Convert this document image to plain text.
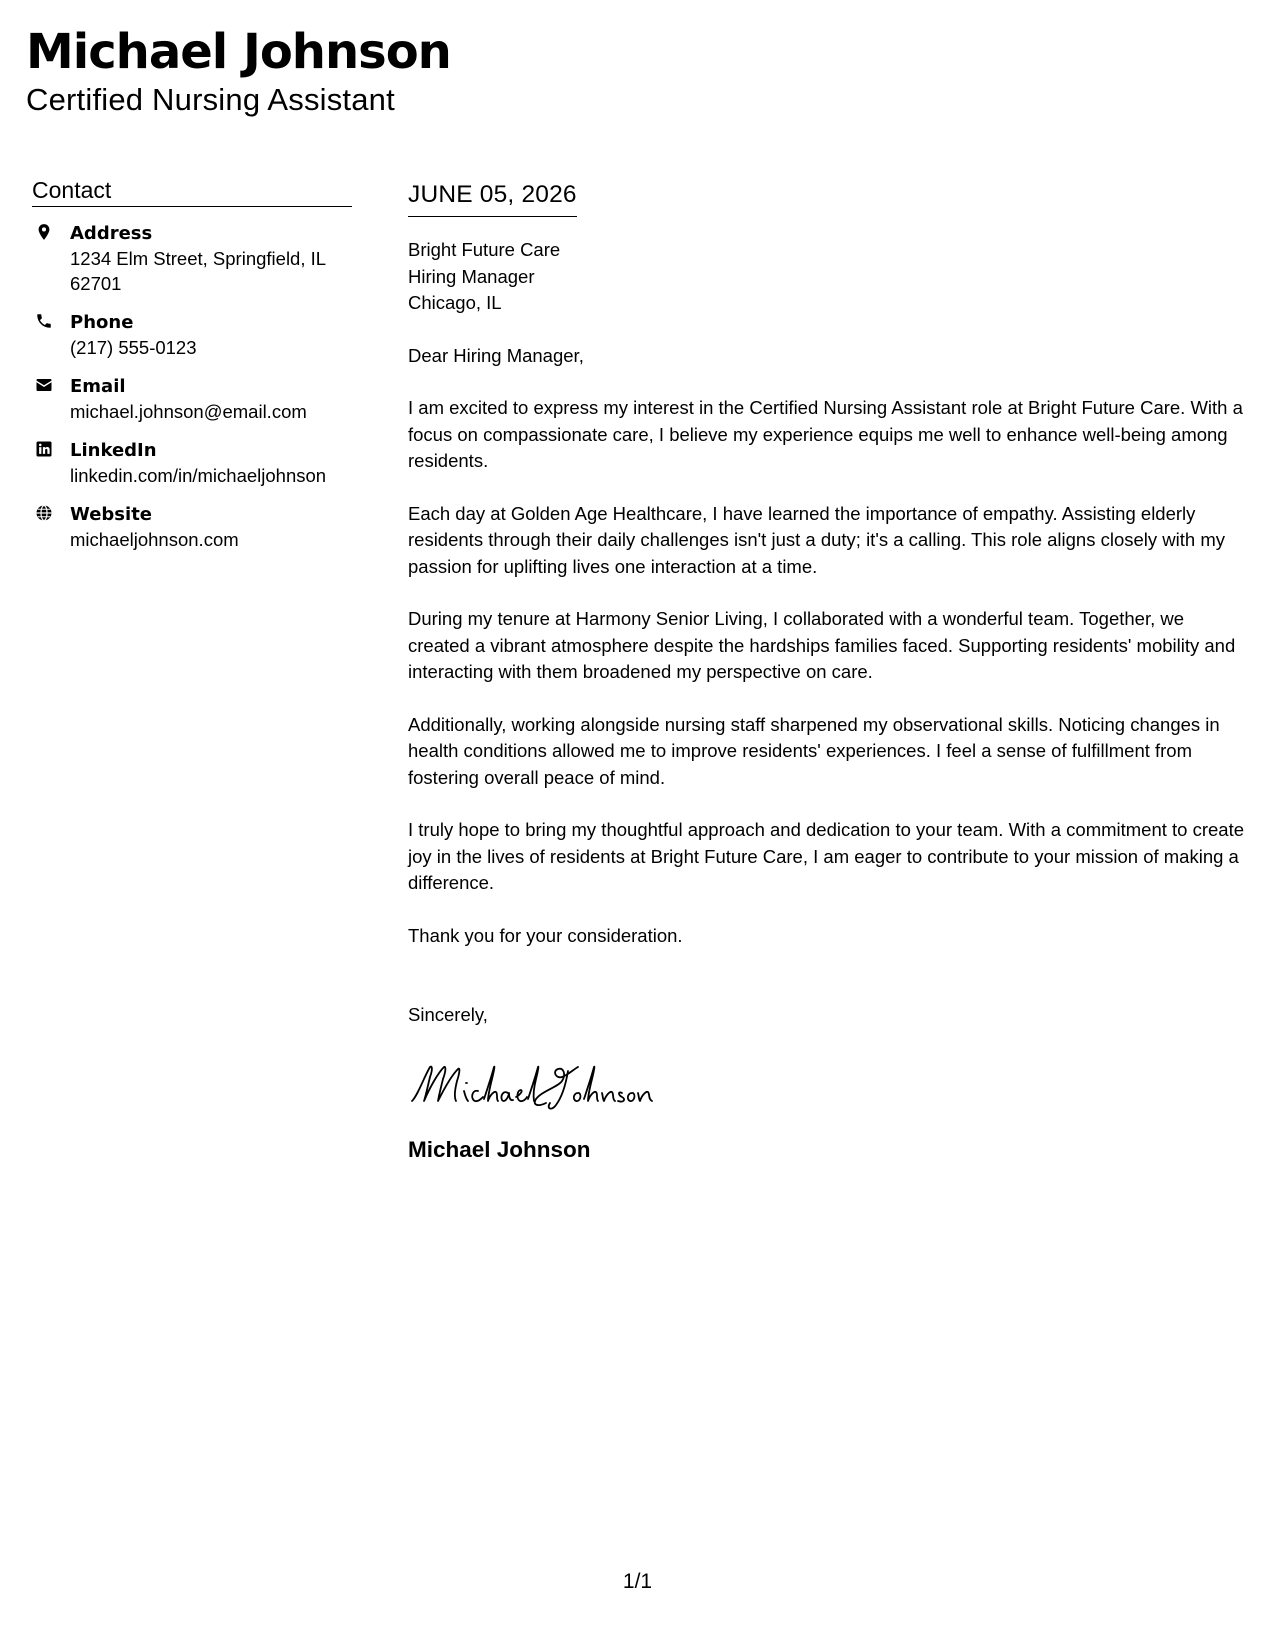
Michael Johnson
Certified Nursing Assistant
Contact
Address
1234 Elm Street, Springfield, IL 62701
Phone
(217) 555-0123
Email
michael.johnson@email.com
LinkedIn
linkedin.com/in/michaeljohnson
Website
michaeljohnson.com
JUNE 05, 2026
Bright Future Care
Hiring Manager
Chicago, IL
Dear Hiring Manager,

I am excited to express my interest in the Certified Nursing Assistant role at Bright Future Care. With a focus on compassionate care, I believe my experience equips me well to enhance well-being among residents.

Each day at Golden Age Healthcare, I have learned the importance of empathy. Assisting elderly residents through their daily challenges isn't just a duty; it's a calling. This role aligns closely with my passion for uplifting lives one interaction at a time.

During my tenure at Harmony Senior Living, I collaborated with a wonderful team. Together, we created a vibrant atmosphere despite the hardships families faced. Supporting residents' mobility and interacting with them broadened my perspective on care.

Additionally, working alongside nursing staff sharpened my observational skills. Noticing changes in health conditions allowed me to improve residents' experiences. I feel a sense of fulfillment from fostering overall peace of mind.

I truly hope to bring my thoughtful approach and dedication to your team. With a commitment to create joy in the lives of residents at Bright Future Care, I am eager to contribute to your mission of making a difference.

Thank you for your consideration.

Sincerely,
Michael Johnson
1/1
